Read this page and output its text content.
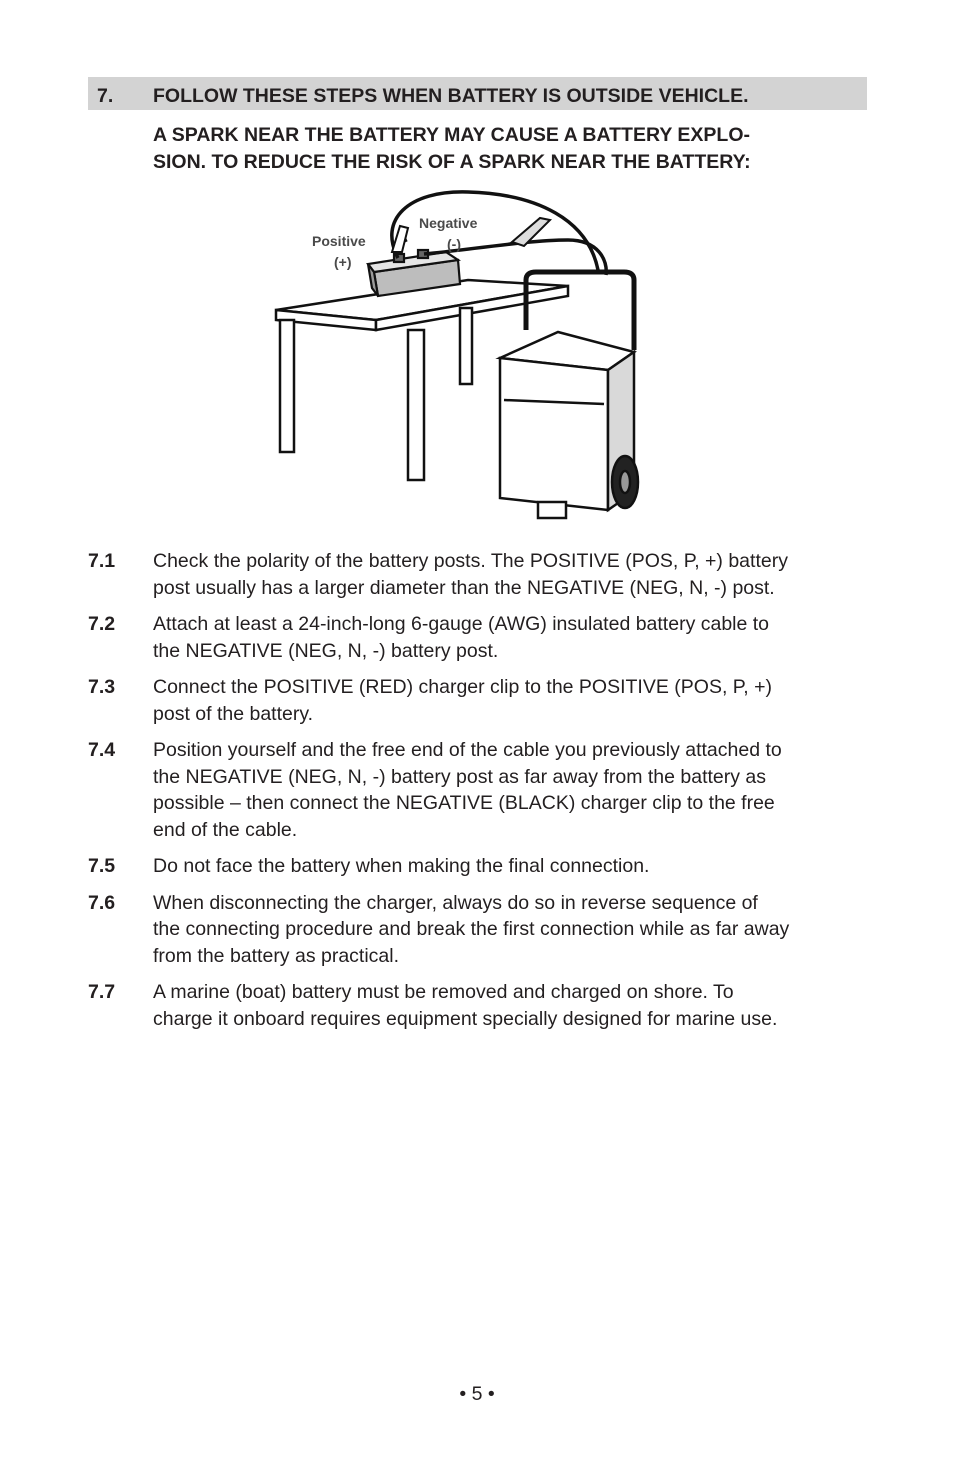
7. FOLLOW THESE STEPS WHEN BATTERY IS OUTSIDE VEHICLE.
A SPARK NEAR THE BATTERY MAY CAUSE A BATTERY EXPLO-
SION. TO REDUCE THE RISK OF A SPARK NEAR THE BATTERY:
Positive
(+)
Negative
(-)
7.1 Check the polarity of the battery posts. The POSITIVE (POS, P, +) battery
post usually has a larger diameter than the NEGATIVE (NEG, N, -) post.
7.2 Attach at least a 24-inch-long 6-gauge (AWG) insulated battery cable to
the NEGATIVE (NEG, N, -) battery post.
7.3 Connect the POSITIVE (RED) charger clip to the POSITIVE (POS, P, +)
post of the battery.
7.4 Position yourself and the free end of the cable you previously attached to
the NEGATIVE (NEG, N, -) battery post as far away from the battery as
possible – then connect the NEGATIVE (BLACK) charger clip to the free
end of the cable.
7.5 Do not face the battery when making the final connection.
7.6 When disconnecting the charger, always do so in reverse sequence of
the connecting procedure and break the first connection while as far away
from the battery as practical.
7.7 A marine (boat) battery must be removed and charged on shore. To
charge it onboard requires equipment specially designed for marine use.
• 5 •
